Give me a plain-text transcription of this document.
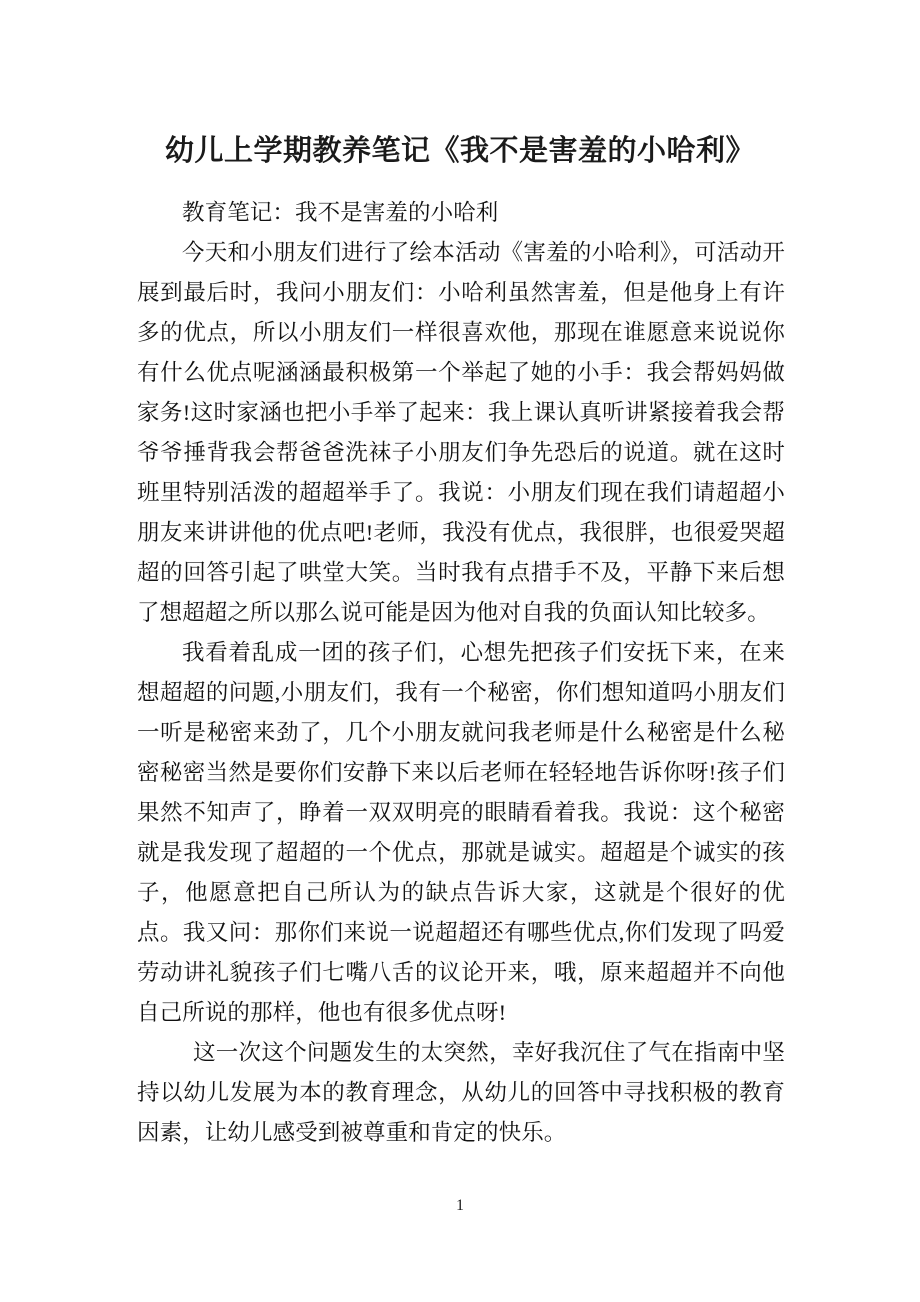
幼儿上学期教养笔记《我不是害羞的小哈利》

教育笔记：我不是害羞的小哈利

今天和小朋友们进行了绘本活动《害羞的小哈利》，可活动开展到最后时，我问小朋友们：小哈利虽然害羞，但是他身上有许多的优点，所以小朋友们一样很喜欢他，那现在谁愿意来说说你有什么优点呢涵涵最积极第一个举起了她的小手：我会帮妈妈做家务!这时家涵也把小手举了起来：我上课认真听讲紧接着我会帮爷爷捶背我会帮爸爸洗袜子小朋友们争先恐后的说道。就在这时班里特别活泼的超超举手了。我说：小朋友们现在我们请超超小朋友来讲讲他的优点吧!老师，我没有优点，我很胖，也很爱哭超超的回答引起了哄堂大笑。当时我有点措手不及，平静下来后想了想超超之所以那么说可能是因为他对自我的负面认知比较多。

我看着乱成一团的孩子们，心想先把孩子们安抚下来，在来想超超的问题,小朋友们，我有一个秘密，你们想知道吗小朋友们一听是秘密来劲了，几个小朋友就问我老师是什么秘密是什么秘密秘密当然是要你们安静下来以后老师在轻轻地告诉你呀!孩子们果然不知声了，睁着一双双明亮的眼睛看着我。我说：这个秘密就是我发现了超超的一个优点，那就是诚实。超超是个诚实的孩子，他愿意把自己所认为的缺点告诉大家，这就是个很好的优点。我又问：那你们来说一说超超还有哪些优点,你们发现了吗爱劳动讲礼貌孩子们七嘴八舌的议论开来，哦，原来超超并不向他自己所说的那样，他也有很多优点呀!

这一次这个问题发生的太突然，幸好我沉住了气在指南中坚持以幼儿发展为本的教育理念，从幼儿的回答中寻找积极的教育因素，让幼儿感受到被尊重和肯定的快乐。

1
